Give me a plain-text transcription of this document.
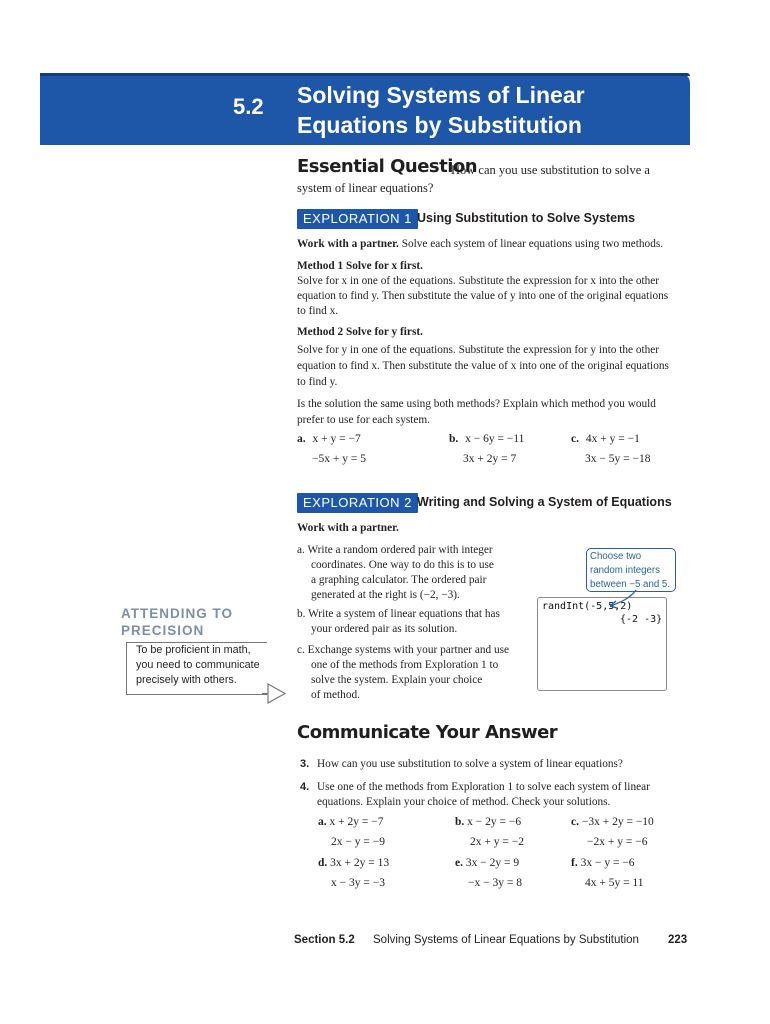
5.2 Solving Systems of Linear
Equations by Substitution
Essential Question
How can you use substitution to solve a
system of linear equations?
EXPLORATION 1 Using Substitution to Solve Systems
Work with a partner. Solve each system of linear equations using two methods.
Method 1 Solve for x first.
Solve for x in one of the equations. Substitute the expression for x into the other
equation to find y. Then substitute the value of y into one of the original equations
to find x.
Method 2 Solve for y first.
Solve for y in one of the equations. Substitute the expression for y into the other
equation to find x. Then substitute the value of x into one of the original equations
to find y.
Is the solution the same using both methods? Explain which method you would
prefer to use for each system.
a. x + y = −7
−5x + y = 5
b. x − 6y = −11
3x + 2y = 7
c. 4x + y = −1
3x − 5y = −18
EXPLORATION 2 Writing and Solving a System of Equations
Work with a partner.
a. Write a random ordered pair with integer
coordinates. One way to do this is to use
a graphing calculator. The ordered pair
generated at the right is (−2, −3).
b. Write a system of linear equations that has
your ordered pair as its solution.
c. Exchange systems with your partner and use
one of the methods from Exploration 1 to
solve the system. Explain your choice
of method.
randInt(-5,5,2)
{-2 -3}
Choose two
random integers
between −5 and 5.
ATTENDING TO
PRECISION
To be proficient in math,
you need to communicate
precisely with others.
Communicate Your Answer
3. How can you use substitution to solve a system of linear equations?
4. Use one of the methods from Exploration 1 to solve each system of linear
equations. Explain your choice of method. Check your solutions.
a. x + 2y = −7
2x − y = −9
b. x − 2y = −6
2x + y = −2
c. −3x + 2y = −10
−2x + y = −6
d. 3x + 2y = 13
x − 3y = −3
e. 3x − 2y = 9
−x − 3y = 8
f. 3x − y = −6
4x + 5y = 11
Section 5.2 Solving Systems of Linear Equations by Substitution	223
